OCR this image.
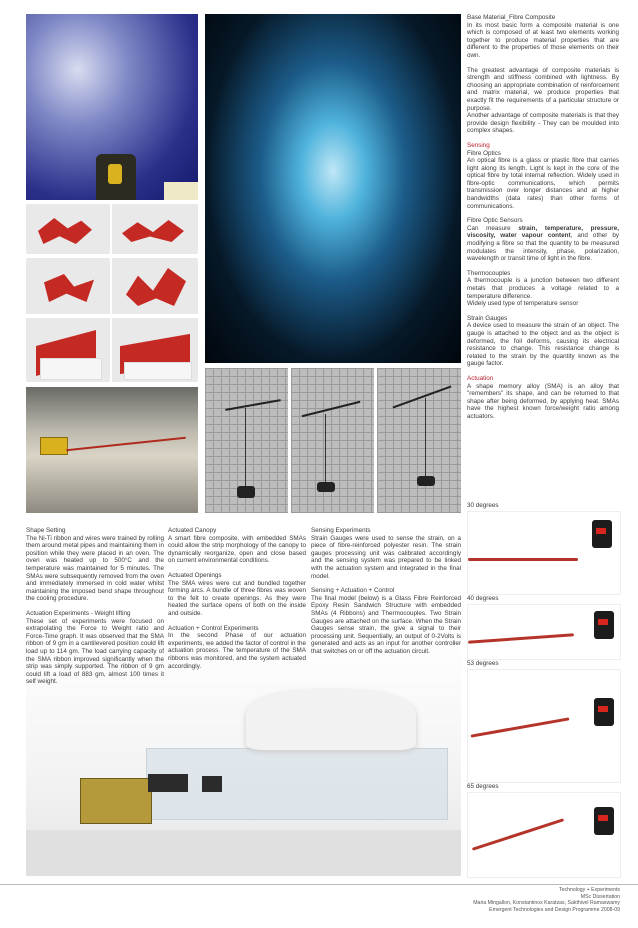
Shape Setting

The Ni-Ti ribbon and wires were trained by rolling them around metal pipes and maintaining them in position while they were placed in an oven. The oven was heated up to 500°C and the temperature was maintained for 5 minutes. The SMAs were subsequently removed from the oven and immediately immersed in cold water whilst maintaining the imposed bend shape throughout the cooling procedure.

Actuation Experiments - Weight lifting

These set of experiments were focused on extrapolating the Force to Weight ratio and Force-Time graph. It was observed that the SMA ribbon of 9 gm in a cantilevered position could lift load up to 114 gm. The load carrying capacity of the SMA ribbon improved significantly when the strip was simply supported. The ribbon of 9 gm could lift a load of 883 gm, almost 100 times it self weight.

Actuated Canopy

A smart fibre composite, with embedded SMAs could allow the strip morphology of the canopy to dynamically reorganize, open and close based on current environmental conditions.

Actuated Openings

The SMA wires were cut and bundled together forming arcs. A bundle of three fibres was woven to the felt to create openings. As they were heated the surface opens of both on the inside and outside.

Actuation + Control Experiments

In the second Phase of our actuation experiments, we added the factor of control in the actuation process. The temperature of the SMA ribbons was monitored, and the system actuated accordingly.

Sensing Experiments

Strain Gauges were used to sense the strain, on a piece of fibre-reinforced polyester resin. The strain gauges processing unit was calibrated accordingly and the sensing system was prepared to be linked with the actuation system and integrated in the final model.

Sensing + Actuation + Control

The final model (below) is a Glass Fibre Reinforced Epoxy Resin Sandwich Structure with embedded SMAs (4 Ribbons) and Thermocouples. Two Strain Gauges are attached on the surface. When the Strain Gauges sense strain, the give a signal to their processing unit. Sequentially, an output of 0-2Volts is generated and acts as an input for another controller that switches on or off the actuation circuit.

Base Material_Fibre Composite

In its most basic form a composite material is one which is composed of at least two elements working together to produce material properties that are different to the properties of those elements on their own.

The greatest advantage of composite materials is strength and stiffness combined with lightness. By choosing an appropriate combination of reinforcement and matrix material, we produce properties that exactly fit the requirements of a particular structure or purpose.

Another advantage of composite materials is that they provide design flexibility - They can be moulded into complex shapes.

Sensing
Fibre Optics

An optical fibre is a glass or plastic fibre that carries light along its length. Light is kept in the core of the optical fibre by total internal reflection. Widely used in fibre-optic communications, which permits transmission over longer distances and at higher bandwidths (data rates) than other forms of communications.

Fibre Optic Sensors

Can measure strain, temperature, pressure, viscosity, water vapour content, and other by modifying a fibre so that the quantity to be measured modulates the intensity, phase, polarization, wavelength or transit time of light in the fibre.

Thermocouples
A thermocouple is a junction between two different metals that produces a voltage related to a temperature difference.

Widely used type of temperature sensor

Strain Gauges

A device used to measure the strain of an object. The gauge is attached to the object and as the object is deformed, the foil deforms, causing its electrical resistance to change. This resistance change is related to the strain by the quantity known as the gauge factor.

Actuation

A shape memory alloy (SMA) is an alloy that "remembers" its shape, and can be returned to that shape after being deformed, by applying heat. SMAs have the highest known force/weight ratio among actuators.

30 degrees
40 degrees
53 degrees
65 degrees
Technology + Experiments
MSc Dissertation
Maria Mingallon, Konstantinos Karatzas, Sakthivel Ramaswamy
Emergent Technologies and Design Programme 2008-09
